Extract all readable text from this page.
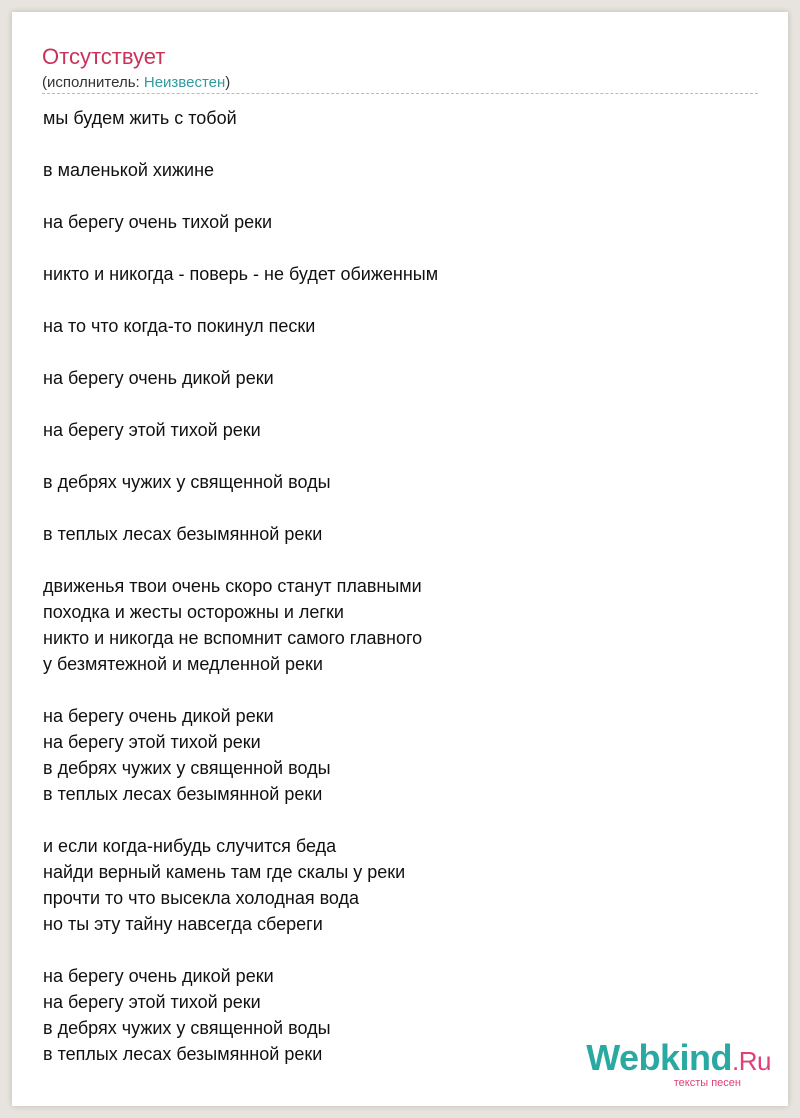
Отсутствует
(исполнитель: Неизвестен)
мы будем жить с тобой
в маленькой хижине
на берегу очень тихой реки
никто и никогда - поверь - не будет обиженным
на то что когда-то покинул пески
на берегу очень дикой реки
на берегу этой тихой реки
в дебрях чужих у священной воды
в теплых лесах безымянной реки
движенья твои очень скоро станут плавными
походка и жесты осторожны и легки
никто и никогда не вспомнит самого главного
у безмятежной и медленной реки
на берегу очень дикой реки
на берегу этой тихой реки
в дебрях чужих у священной воды
в теплых лесах безымянной реки
и если когда-нибудь случится беда
найди верный камень там где скалы у реки
прочти то что высекла холодная вода
но ты эту тайну навсегда сбереги
на берегу очень дикой реки
на берегу этой тихой реки
в дебрях чужих у священной воды
в теплых лесах безымянной реки	Webkind.Ru
тексты песен
